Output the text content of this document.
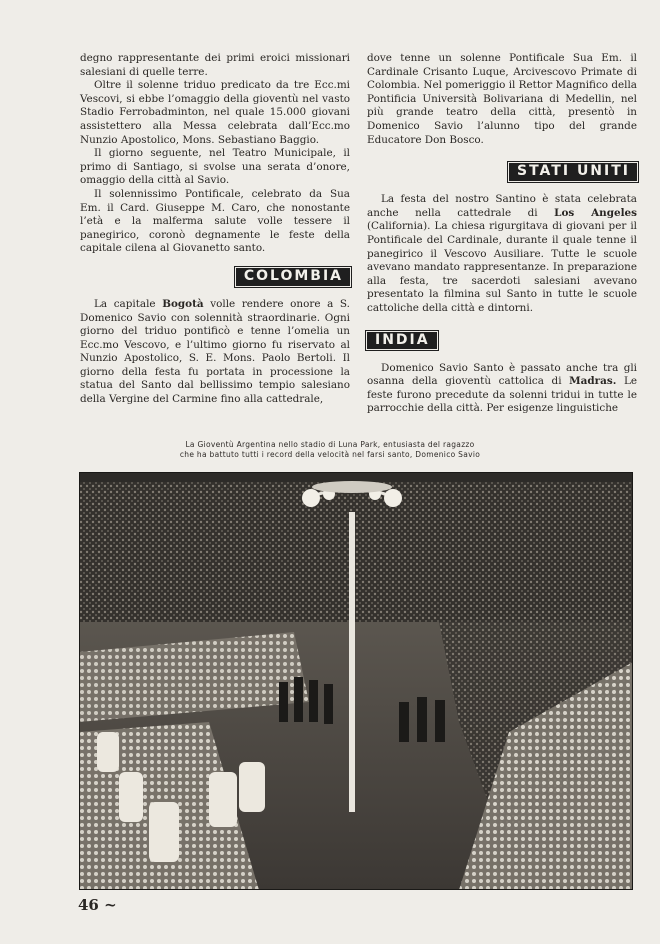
degno rappresentante dei primi eroici missionari salesiani di quelle terre.

Oltre il solenne triduo predicato da tre Ecc.mi Vescovi, si ebbe l’omaggio della gioventù nel vasto Stadio Ferrobadminton, nel quale 15.000 giovani assistettero alla Messa celebrata dall’Ecc.mo Nunzio Apostolico, Mons. Sebastiano Baggio.

Il giorno seguente, nel Teatro Municipale, il primo di Santiago, si svolse una serata d’onore, omaggio della città al Savio.

Il solennissimo Pontificale, celebrato da Sua Em. il Card. Giuseppe M. Caro, che nonostante l’età e la malferma salute volle tessere il panegirico, coronò degnamente le feste della capitale cilena al Giovanetto santo.

COLOMBIA

La capitale Bogotà volle rendere onore a S. Domenico Savio con solennità straordinarie. Ogni giorno del triduo pontificò e tenne l’omelia un Ecc.mo Vescovo, e l’ultimo giorno fu riservato al Nunzio Apostolico, S. E. Mons. Paolo Bertoli. Il giorno della festa fu portata in processione la statua del Santo dal bellissimo tempio salesiano della Vergine del Carmine fino alla cattedrale,

dove tenne un solenne Pontificale Sua Em. il Cardinale Crisanto Luque, Arcivescovo Primate di Colombia. Nel pomeriggio il Rettor Magnifico della Pontificia Università Bolivariana di Medellin, nel più grande teatro della città, presentò in Domenico Savio l’alunno tipo del grande Educatore Don Bosco.

STATI UNITI

La festa del nostro Santino è stata celebrata anche nella cattedrale di Los Angeles (California). La chiesa rigurgitava di giovani per il Pontificale del Cardinale, durante il quale tenne il panegirico il Vescovo Ausiliare. Tutte le scuole avevano mandato rappresentanze. In preparazione alla festa, tre sacerdoti salesiani avevano presentato la filmina sul Santo in tutte le scuole cattoliche della città e dintorni.

INDIA

Domenico Savio Santo è passato anche tra gli osanna della gioventù cattolica di Madras. Le feste furono precedute da solenni tridui in tutte le parrocchie della città. Per esigenze linguistiche

La Gioventù Argentina nello stadio di Luna Park, entusiasta del ragazzo
che ha battuto tutti i record della velocità nel farsi santo, Domenico Savio
46 ~
